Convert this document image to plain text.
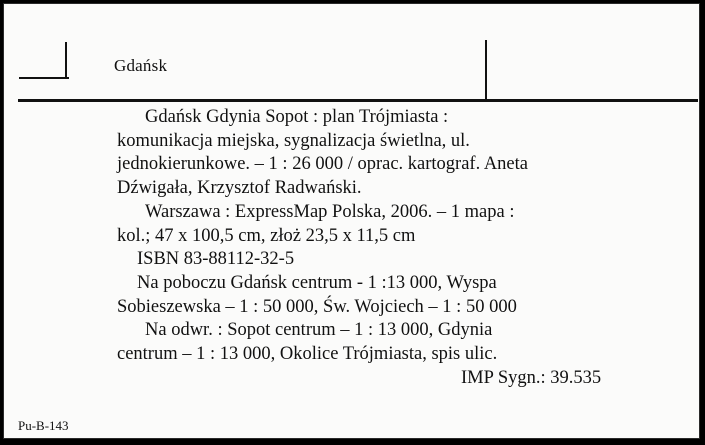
Gdańsk
Gdańsk Gdynia Sopot : plan Trójmiasta :
komunikacja miejska, sygnalizacja świetlna, ul.
jednokierunkowe. – 1 : 26 000 / oprac. kartograf. Aneta
Dźwigała, Krzysztof Radwański.
Warszawa : ExpressMap Polska, 2006. – 1 mapa :
kol.; 47 x 100,5 cm, złoż 23,5 x 11,5 cm
ISBN 83-88112-32-5
Na poboczu Gdańsk centrum - 1 :13 000, Wyspa
Sobieszewska – 1 : 50 000, Św. Wojciech – 1 : 50 000
Na odwr. : Sopot centrum – 1 : 13 000, Gdynia
centrum – 1 : 13 000, Okolice Trójmiasta, spis ulic.
IMP Sygn.: 39.535
Pu-B-143
